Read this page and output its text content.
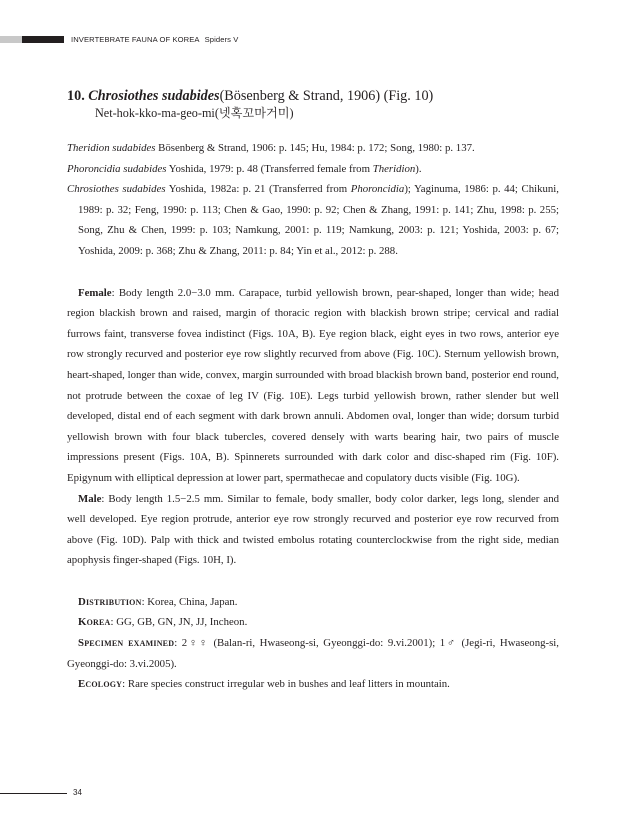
INVERTEBRATE FAUNA OF KOREA Spiders V
10. Chrosiothes sudabides(Bösenberg & Strand, 1906) (Fig. 10)
Net-hok-kko-ma-geo-mi(넷혹꼬마거미)

Theridion sudabides Bösenberg & Strand, 1906: p. 145; Hu, 1984: p. 172; Song, 1980: p. 137.

Phoroncidia sudabides Yoshida, 1979: p. 48 (Transferred female from Theridion).

Chrosiothes sudabides Yoshida, 1982a: p. 21 (Transferred from Phoroncidia); Yaginuma, 1986: p. 44; Chikuni, 1989: p. 32; Feng, 1990: p. 113; Chen & Gao, 1990: p. 92; Chen & Zhang, 1991: p. 141; Zhu, 1998: p. 255; Song, Zhu & Chen, 1999: p. 103; Namkung, 2001: p. 119; Namkung, 2003: p. 121; Yoshida, 2003: p. 67; Yoshida, 2009: p. 368; Zhu & Zhang, 2011: p. 84; Yin et al., 2012: p. 288.

Female: Body length 2.0−3.0 mm. Carapace, turbid yellowish brown, pear-shaped, longer than wide; head region blackish brown and raised, margin of thoracic region with blackish brown stripe; cervical and radial furrows faint, transverse fovea indistinct (Figs. 10A, B). Eye region black, eight eyes in two rows, anterior eye row strongly recurved and posterior eye row slightly recurved from above (Fig. 10C). Sternum yellowish brown, heart-shaped, longer than wide, convex, margin surrounded with broad blackish brown band, posterior end round, not protrude between the coxae of leg IV (Fig. 10E). Legs turbid yellowish brown, rather slender but well developed, distal end of each segment with dark brown annuli. Abdomen oval, longer than wide; dorsum turbid yellowish brown with four black tubercles, covered densely with warts bearing hair, two pairs of muscle impressions present (Figs. 10A, B). Spinnerets surrounded with dark color and disc-shaped rim (Fig. 10F). Epigynum with elliptical depression at lower part, spermathecae and copulatory ducts visible (Fig. 10G).

Male: Body length 1.5−2.5 mm. Similar to female, body smaller, body color darker, legs long, slender and well developed. Eye region protrude, anterior eye row strongly recurved and posterior eye row recurved from above (Fig. 10D). Palp with thick and twisted embolus rotating counterclockwise from the right side, median apophysis finger-shaped (Figs. 10H, I).

Distribution: Korea, China, Japan.

Korea: GG, GB, GN, JN, JJ, Incheon.

Specimen examined: 2♀♀ (Balan-ri, Hwaseong-si, Gyeonggi-do: 9.vi.2001); 1♂ (Jegi-ri, Hwaseong-si, Gyeonggi-do: 3.vi.2005).

Ecology: Rare species construct irregular web in bushes and leaf litters in mountain.

34
